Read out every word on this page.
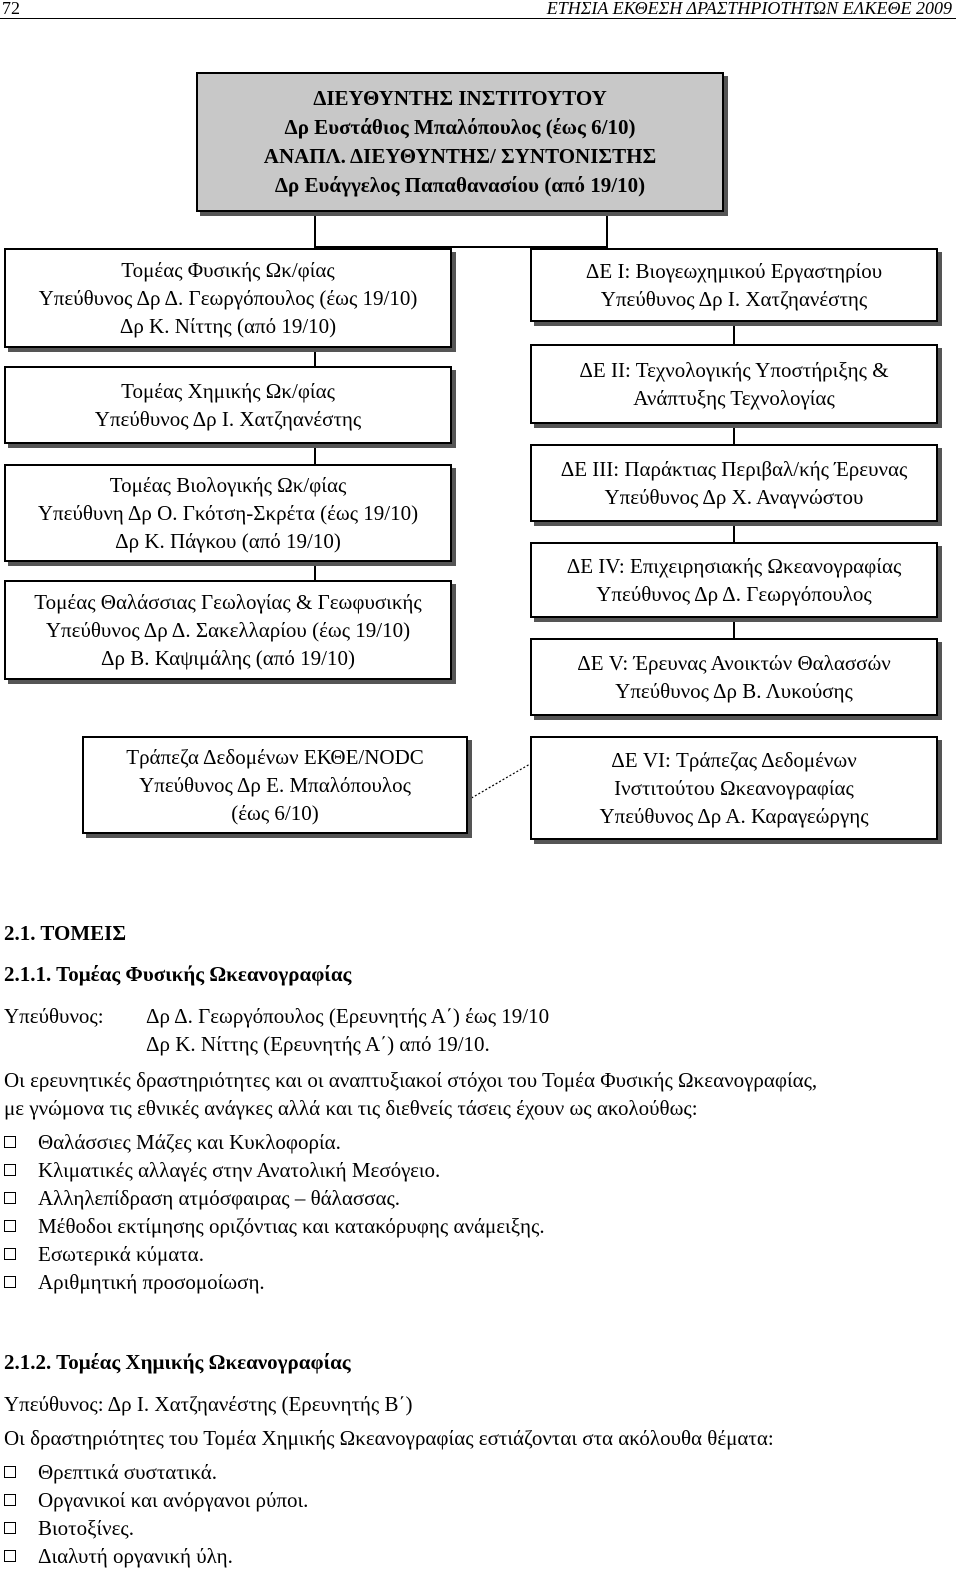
72	ΕΤΗΣΙΑ ΕΚΘΕΣΗ ΔΡΑΣΤΗΡΙΟΤΗΤΩΝ ΕΛΚΕΘΕ 2009
ΔΙΕΥΘΥΝΤΗΣ ΙΝΣΤΙΤΟΥΤΟΥ
Δρ Ευστάθιος Μπαλόπουλος (έως 6/10)
ΑΝΑΠΛ. ΔΙΕΥΘΥΝΤΗΣ/ ΣΥΝΤΟΝΙΣΤΗΣ
Δρ Ευάγγελος Παπαθανασίου (από 19/10)
Τομέας Φυσικής Ωκ/φίας
Υπεύθυνος Δρ Δ. Γεωργόπουλος (έως 19/10)
Δρ Κ. Νίττης (από 19/10)
Τομέας Χημικής Ωκ/φίας
Υπεύθυνος Δρ Ι. Χατζηανέστης
Τομέας Βιολογικής Ωκ/φίας
Υπεύθυνη Δρ Ο. Γκότση-Σκρέτα (έως 19/10)
Δρ Κ. Πάγκου (από 19/10)
Τομέας Θαλάσσιας Γεωλογίας & Γεωφυσικής
Υπεύθυνος Δρ Δ. Σακελλαρίου (έως 19/10)
Δρ Β. Καψιμάλης (από 19/10)
ΔΕ Ι: Βιογεωχημικού Εργαστηρίου
Υπεύθυνος Δρ Ι. Χατζηανέστης
ΔΕ ΙΙ: Τεχνολογικής Υποστήριξης &
Ανάπτυξης Τεχνολογίας
ΔΕ ΙΙΙ: Παράκτιας Περιβαλ/κής Έρευνας
Υπεύθυνος Δρ Χ. Αναγνώστου
ΔΕ IV: Επιχειρησιακής Ωκεανογραφίας
Υπεύθυνος Δρ Δ. Γεωργόπουλος
ΔΕ V: Έρευνας Ανοικτών Θαλασσών
Υπεύθυνος Δρ Β. Λυκούσης
Τράπεζα Δεδομένων ΕΚΘΕ/NODC
Υπεύθυνος Δρ Ε. Μπαλόπουλος
(έως 6/10)
ΔΕ VI: Τράπεζας Δεδομένων
Ινστιτούτου Ωκεανογραφίας
Υπεύθυνος Δρ Α. Καραγεώργης
2.1. ΤΟΜΕΙΣ
2.1.1. Τομέας Φυσικής Ωκεανογραφίας
Υπεύθυνος: Δρ Δ. Γεωργόπουλος (Ερευνητής Α΄) έως 19/10
Δρ Κ. Νίττης (Ερευνητής Α΄) από 19/10.
Οι ερευνητικές δραστηριότητες και οι αναπτυξιακοί στόχοι του Τομέα Φυσικής Ωκεανογραφίας,
με γνώμονα τις εθνικές ανάγκες αλλά και τις διεθνείς τάσεις έχουν ως ακολούθως:
Θαλάσσιες Μάζες και Κυκλοφορία.
Κλιματικές αλλαγές στην Ανατολική Μεσόγειο.
Αλληλεπίδραση ατμόσφαιρας – θάλασσας.
Μέθοδοι εκτίμησης οριζόντιας και κατακόρυφης ανάμειξης.
Εσωτερικά κύματα.
Αριθμητική προσομοίωση.
2.1.2. Τομέας Χημικής Ωκεανογραφίας
Υπεύθυνος: Δρ Ι. Χατζηανέστης (Ερευνητής Β΄)
Οι δραστηριότητες του Τομέα Χημικής Ωκεανογραφίας εστιάζονται στα ακόλουθα θέματα:
Θρεπτικά συστατικά.
Οργανικοί και ανόργανοι ρύποι.
Βιοτοξίνες.
Διαλυτή οργανική ύλη.
